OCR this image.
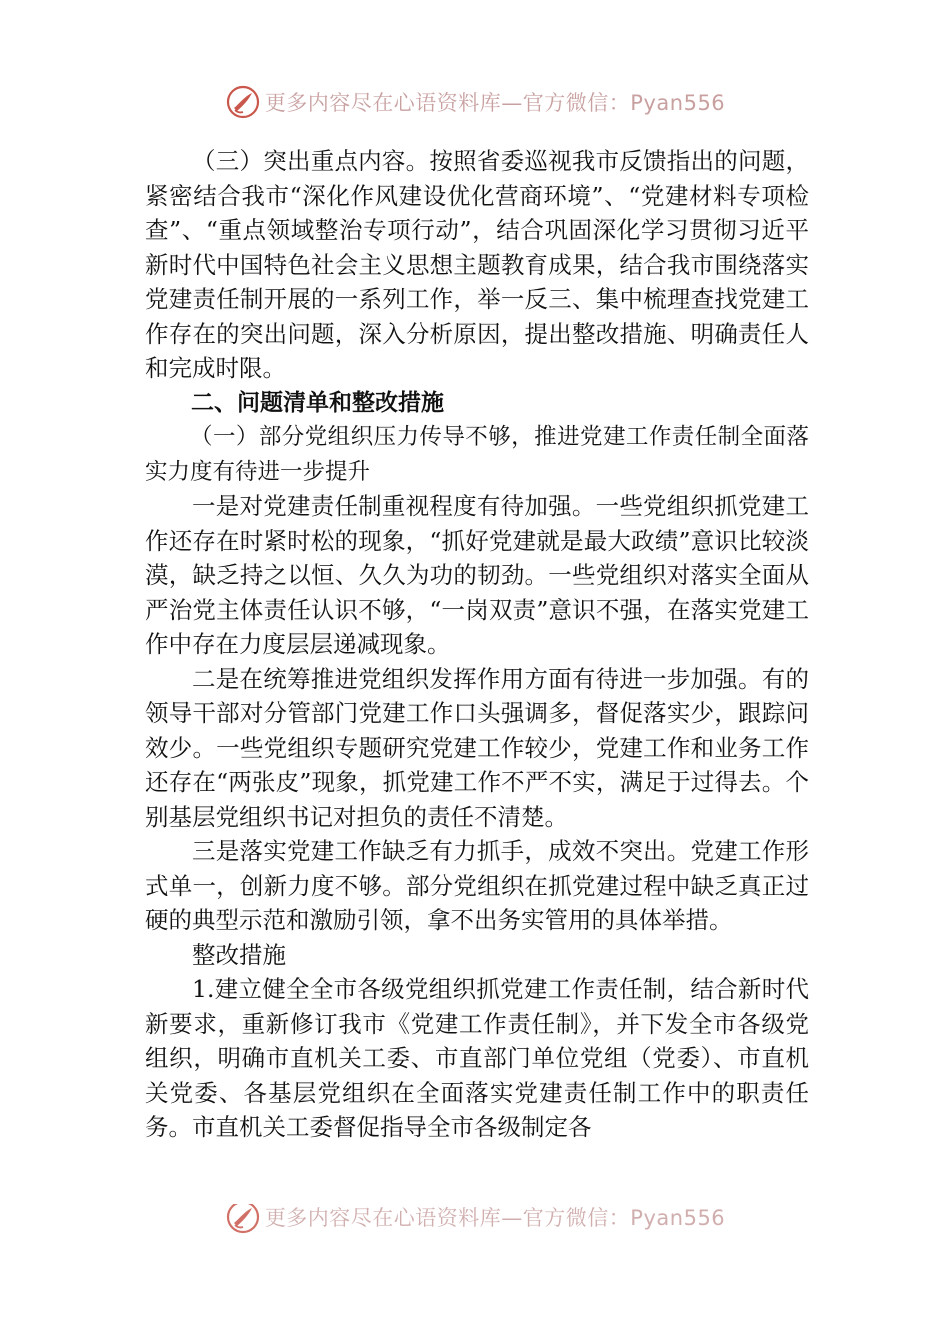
更多内容尽在心语资料库—官方微信：Pyan556

（三）突出重点内容。按照省委巡视我市反馈指出的问题，紧密结合我市“深化作风建设优化营商环境”、“党建材料专项检查”、“重点领域整治专项行动”，结合巩固深化学习贯彻习近平新时代中国特色社会主义思想主题教育成果，结合我市围绕落实党建责任制开展的一系列工作，举一反三、集中梳理查找党建工作存在的突出问题，深入分析原因，提出整改措施、明确责任人和完成时限。

二、问题清单和整改措施

（一）部分党组织压力传导不够，推进党建工作责任制全面落实力度有待进一步提升

一是对党建责任制重视程度有待加强。一些党组织抓党建工作还存在时紧时松的现象，“抓好党建就是最大政绩”意识比较淡漠，缺乏持之以恒、久久为功的韧劲。一些党组织对落实全面从严治党主体责任认识不够，“一岗双责”意识不强，在落实党建工作中存在力度层层递减现象。

二是在统筹推进党组织发挥作用方面有待进一步加强。有的领导干部对分管部门党建工作口头强调多，督促落实少，跟踪问效少。一些党组织专题研究党建工作较少，党建工作和业务工作还存在“两张皮”现象，抓党建工作不严不实，满足于过得去。个别基层党组织书记对担负的责任不清楚。

三是落实党建工作缺乏有力抓手，成效不突出。党建工作形式单一，创新力度不够。部分党组织在抓党建过程中缺乏真正过硬的典型示范和激励引领，拿不出务实管用的具体举措。

整改措施

1.建立健全全市各级党组织抓党建工作责任制，结合新时代新要求，重新修订我市《党建工作责任制》，并下发全市各级党组织，明确市直机关工委、市直部门单位党组（党委）、市直机关党委、各基层党组织在全面落实党建责任制工作中的职责任务。市直机关工委督促指导全市各级制定各

更多内容尽在心语资料库—官方微信：Pyan556
